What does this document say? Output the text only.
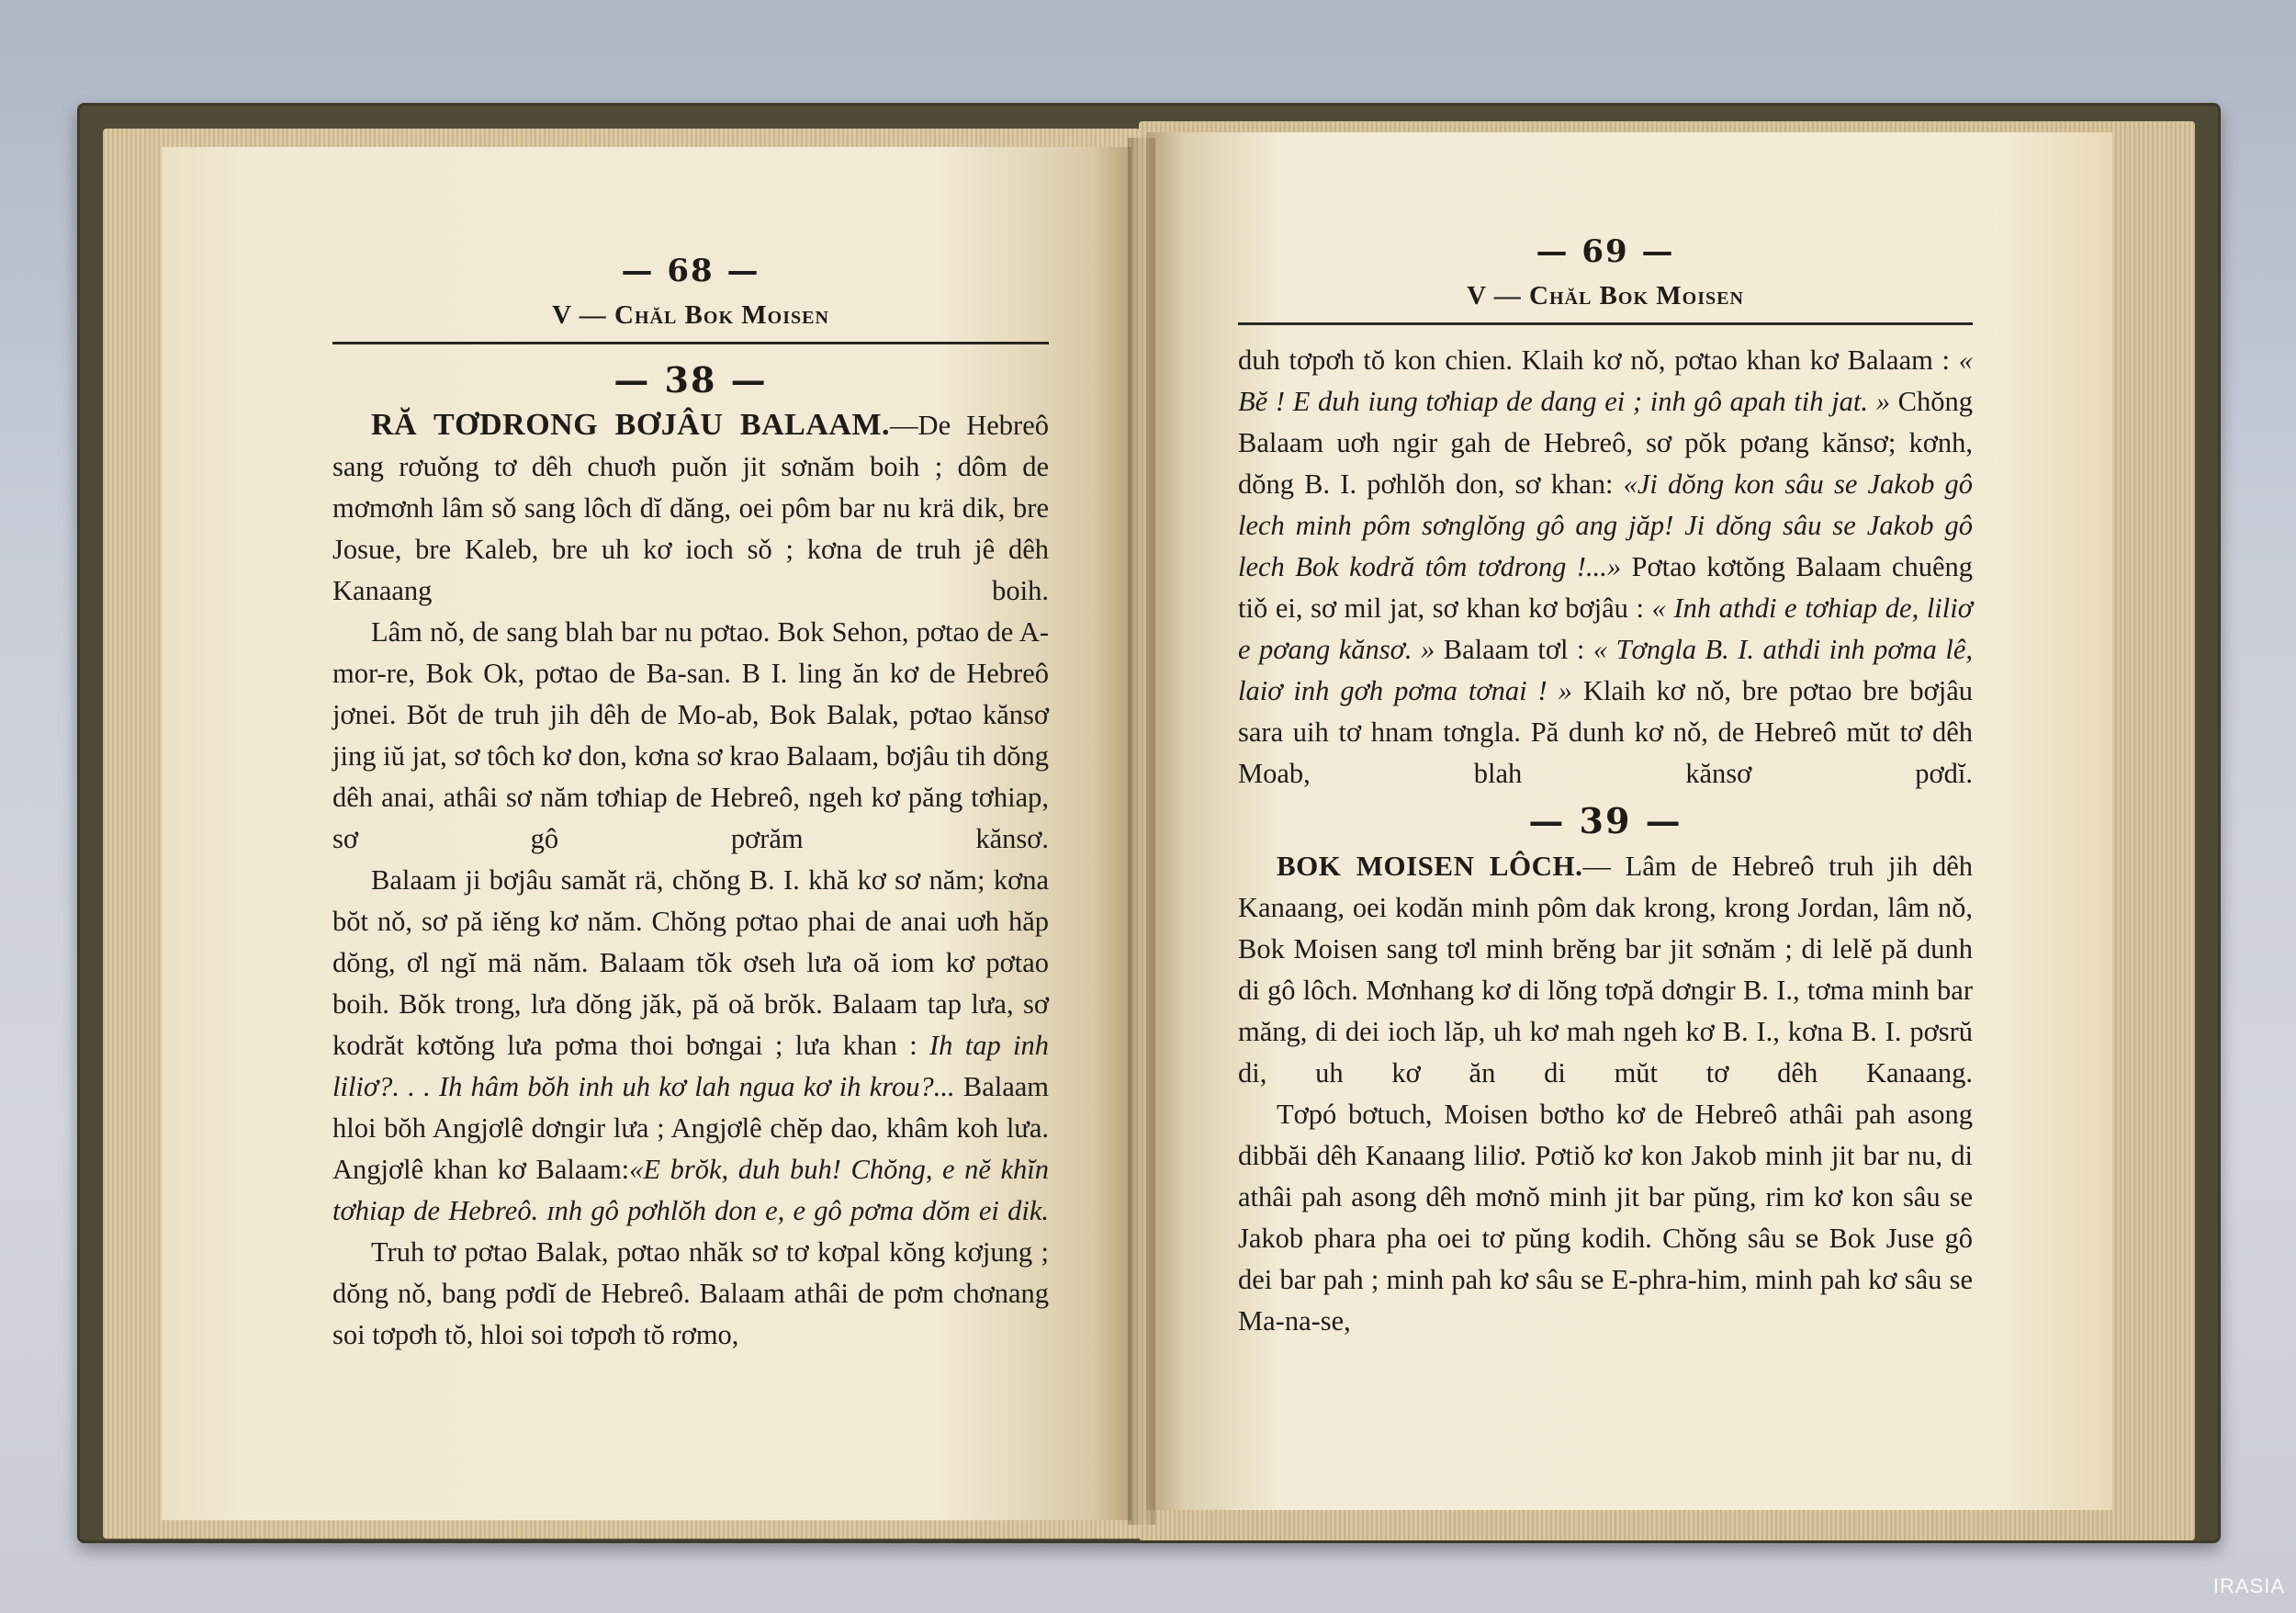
— 68 —
V — Chăl Bok Moisen
— 38 —

RĂ TƠDRONG BƠJÂU BALAAM.—De Hebreô sang rơuǒng tơ dêh chuơh puǒn jit sơnăm boih ; dôm de mơmơnh lâm sǒ sang lôch dĭ dăng, oei pôm bar nu krä dik, bre Josue, bre Kaleb, bre uh kơ ioch sǒ ; kơna de truh jê dêh Kanaang boih.

Lâm nǒ, de sang blah bar nu pơtao. Bok Sehon, pơtao de A-mor-re, Bok Ok, pơtao de Ba-san. B I. ling ăn kơ de Hebreô jơnei. Bŏt de truh jih dêh de Mo-ab, Bok Balak, pơtao kănsơ jing iŭ jat, sơ tôch kơ don, kơna sơ krao Balaam, bơjâu tih dŏng dêh anai, athâi sơ năm tơhiap de Hebreô, ngeh kơ păng tơhiap, sơ gô pơrăm kănsơ.

Balaam ji bơjâu samăt rä, chŏng B. I. khă kơ sơ năm; kơna bŏt nǒ, sơ pă iĕng kơ năm. Chŏng pơtao phai de anai uơh hăp dŏng, ơl ngĭ mä năm. Balaam tŏk ơseh lưa oă iom kơ pơtao boih. Bŏk trong, lưa dŏng jăk, pă oă brŏk. Balaam tap lưa, sơ kodrăt kơtŏng lưa pơma thoi bơngai ; lưa khan : Ih tap inh liliơ?. . . Ih hâm bŏh inh uh kơ lah ngua kơ ih krou?... Balaam hloi bŏh Angjơlê dơngir lưa ; Angjơlê chĕp dao, khâm koh lưa. Angjơlê khan kơ Balaam:«E brŏk, duh buh! Chŏng, e nĕ khĭn tơhiap de Hebreô. ɪnh gô pơhlŏh don e, e gô pơma dŏm ei dik.

Truh tơ pơtao Balak, pơtao nhăk sơ tơ kơpal kŏng kơjung ; dŏng nǒ, bang pơdĭ de Hebreô. Balaam athâi de pơm chơnang soi tơpơh tŏ, hloi soi tơpơh tŏ rơmo,

— 69 —
V — Chăl Bok Moisen

duh tơpơh tŏ kon chien. Klaih kơ nǒ, pơtao khan kơ Balaam : « Bĕ ! E duh iung tơhiap de dang ei ; inh gô apah tih jat. » Chŏng Balaam uơh ngir gah de Hebreô, sơ pŏk pơang kănsơ; kơnh, dŏng B. I. pơhlŏh don, sơ khan: «Ji dŏng kon sâu se Jakob gô lech minh pôm sơnglŏng gô ang jăp! Ji dŏng sâu se Jakob gô lech Bok kodră tôm tơdrong !...» Pơtao kơtŏng Balaam chuêng tiǒ ei, sơ mil jat, sơ khan kơ bơjâu : « Inh athdi e tơhiap de, liliơ e pơang kănsơ. » Balaam tơl : « Tơngla B. I. athdi inh pơma lê, laiơ inh gơh pơma tơnai ! » Klaih kơ nǒ, bre pơtao bre bơjâu sara uih tơ hnam tơngla. Pă dunh kơ nǒ, de Hebreô mŭt tơ dêh Moab, blah kănsơ pơdĭ.

— 39 —

BOK MOISEN LÔCH.— Lâm de Hebreô truh jih dêh Kanaang, oei kodăn minh pôm dak krong, krong Jordan, lâm nǒ, Bok Moisen sang tơl minh brĕng bar jit sơnăm ; di lelĕ pă dunh di gô lôch. Mơnhang kơ di lŏng tơpă dơngir B. I., tơma minh bar măng, di dei ioch lăp, uh kơ mah ngeh kơ B. I., kơna B. I. pơsrŭ di, uh kơ ăn di mŭt tơ dêh Kanaang.

Tơpó bơtuch, Moisen bơtho kơ de Hebreô athâi pah asong dibbăi dêh Kanaang liliơ. Pơtiǒ kơ kon Jakob minh jit bar nu, di athâi pah asong dêh mơnŏ minh jit bar pŭng, rim kơ kon sâu se Jakob phara pha oei tơ pŭng kodih. Chŏng sâu se Bok Juse gô dei bar pah ; minh pah kơ sâu se E-phra-him, minh pah kơ sâu se Ma-na-se,

IRASIA
